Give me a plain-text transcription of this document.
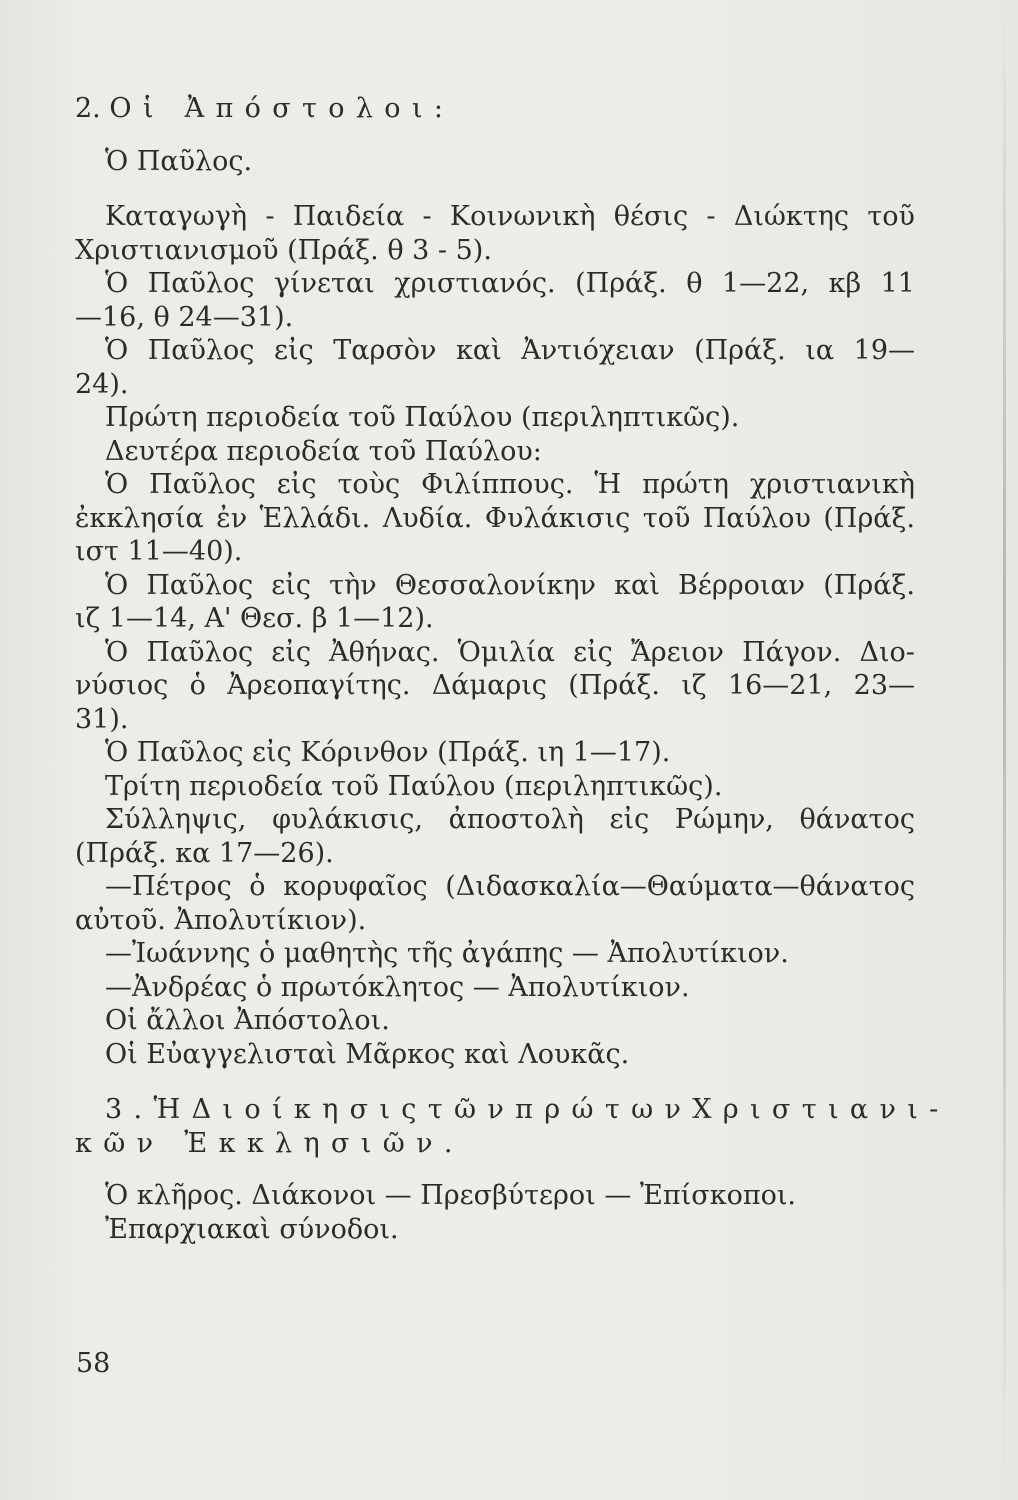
2. Οἱ Ἀπόστολοι:
Ὁ Παῦλος.
Καταγωγὴ - Παιδεία - Κοινωνικὴ θέσις - Διώκτης τοῦ
Χριστιανισμοῦ (Πράξ. θ 3 - 5).
Ὁ Παῦλος γίνεται χριστιανός. (Πράξ. θ 1—22, κβ 11
—16, θ 24—31).
Ὁ Παῦλος εἰς Ταρσὸν καὶ Ἀντιόχειαν (Πράξ. ια 19—
24).
Πρώτη περιοδεία τοῦ Παύλου (περιληπτικῶς).
Δευτέρα περιοδεία τοῦ Παύλου:
Ὁ Παῦλος εἰς τοὺς Φιλίππους. Ἡ πρώτη χριστιανικὴ
ἐκκλησία ἐν Ἑλλάδι. Λυδία. Φυλάκισις τοῦ Παύλου (Πράξ.
ιστ 11—40).
Ὁ Παῦλος εἰς τὴν Θεσσαλονίκην καὶ Βέρροιαν (Πράξ.
ιζ 1—14, Α' Θεσ. β 1—12).
Ὁ Παῦλος εἰς Ἀθήνας. Ὁμιλία εἰς Ἄρειον Πάγον. Διο-
νύσιος ὁ Ἀρεοπαγίτης. Δάμαρις (Πράξ. ιζ 16—21, 23—
31).
Ὁ Παῦλος εἰς Κόρινθον (Πράξ. ιη 1—17).
Τρίτη περιοδεία τοῦ Παύλου (περιληπτικῶς).
Σύλληψις, φυλάκισις, ἀποστολὴ εἰς Ρώμην, θάνατος
(Πράξ. κα 17—26).
—Πέτρος ὁ κορυφαῖος (Διδασκαλία—Θαύματα—θάνατος
αὐτοῦ. Ἀπολυτίκιον).
—Ἰωάννης ὁ μαθητὴς τῆς ἀγάπης — Ἀπολυτίκιον.
—Ἀνδρέας ὁ πρωτόκλητος — Ἀπολυτίκιον.
Οἱ ἄλλοι Ἀπόστολοι.
Οἱ Εὐαγγελισταὶ Μᾶρκος καὶ Λουκᾶς.
3. Ἡ Διοίκησις τῶν πρώτων Χριστιανι-
κῶν Ἐκκλησιῶν.
Ὁ κλῆρος. Διάκονοι — Πρεσβύτεροι — Ἐπίσκοποι.
Ἐπαρχιακαὶ σύνοδοι.
58
